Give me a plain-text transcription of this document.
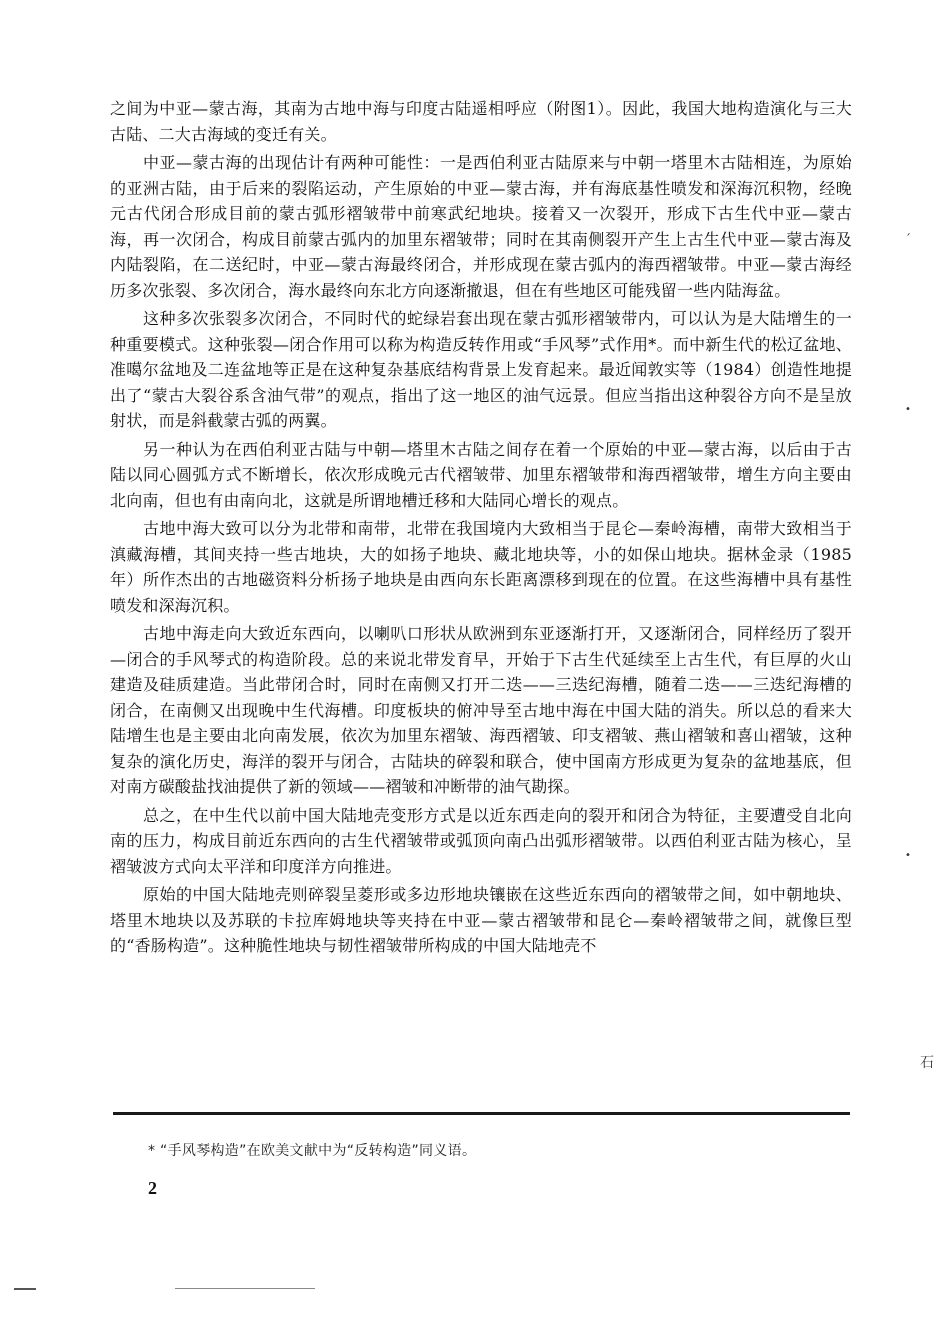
之间为中亚—蒙古海，其南为古地中海与印度古陆遥相呼应（附图1）。因此，我国大地构造演化与三大古陆、二大古海域的变迁有关。

中亚—蒙古海的出现估计有两种可能性：一是西伯利亚古陆原来与中朝一塔里木古陆相连，为原始的亚洲古陆，由于后来的裂陷运动，产生原始的中亚—蒙古海，并有海底基性喷发和深海沉积物，经晚元古代闭合形成目前的蒙古弧形褶皱带中前寒武纪地块。接着又一次裂开，形成下古生代中亚—蒙古海，再一次闭合，构成目前蒙古弧内的加里东褶皱带；同时在其南侧裂开产生上古生代中亚—蒙古海及内陆裂陷，在二送纪时，中亚—蒙古海最终闭合，并形成现在蒙古弧内的海西褶皱带。中亚—蒙古海经历多次张裂、多次闭合，海水最终向东北方向逐渐撤退，但在有些地区可能残留一些内陆海盆。

这种多次张裂多次闭合，不同时代的蛇绿岩套出现在蒙古弧形褶皱带内，可以认为是大陆增生的一种重要模式。这种张裂—闭合作用可以称为构造反转作用或“手风琴”式作用*。而中新生代的松辽盆地、准噶尔盆地及二连盆地等正是在这种复杂基底结构背景上发育起来。最近闻敦实等（1984）创造性地提出了“蒙古大裂谷系含油气带”的观点，指出了这一地区的油气远景。但应当指出这种裂谷方向不是呈放射状，而是斜截蒙古弧的两翼。

另一种认为在西伯利亚古陆与中朝—塔里木古陆之间存在着一个原始的中亚—蒙古海，以后由于古陆以同心圆弧方式不断增长，依次形成晚元古代褶皱带、加里东褶皱带和海西褶皱带，增生方向主要由北向南，但也有由南向北，这就是所谓地槽迁移和大陆同心增长的观点。

古地中海大致可以分为北带和南带，北带在我国境内大致相当于昆仑—秦岭海槽，南带大致相当于滇藏海槽，其间夹持一些古地块，大的如扬子地块、藏北地块等，小的如保山地块。据林金录（1985年）所作杰出的古地磁资料分析扬子地块是由西向东长距离漂移到现在的位置。在这些海槽中具有基性喷发和深海沉积。

古地中海走向大致近东西向，以喇叭口形状从欧洲到东亚逐渐打开，又逐渐闭合，同样经历了裂开—闭合的手风琴式的构造阶段。总的来说北带发育早，开始于下古生代延续至上古生代，有巨厚的火山建造及硅质建造。当此带闭合时，同时在南侧又打开二迭——三迭纪海槽，随着二迭——三迭纪海槽的闭合，在南侧又出现晚中生代海槽。印度板块的俯冲导至古地中海在中国大陆的消失。所以总的看来大陆增生也是主要由北向南发展，依次为加里东褶皱、海西褶皱、印支褶皱、燕山褶皱和喜山褶皱，这种复杂的演化历史，海洋的裂开与闭合，古陆块的碎裂和联合，使中国南方形成更为复杂的盆地基底，但对南方碳酸盐找油提供了新的领域——褶皱和冲断带的油气勘探。

总之，在中生代以前中国大陆地壳变形方式是以近东西走向的裂开和闭合为特征，主要遭受自北向南的压力，构成目前近东西向的古生代褶皱带或弧顶向南凸出弧形褶皱带。以西伯利亚古陆为核心，呈褶皱波方式向太平洋和印度洋方向推进。

原始的中国大陆地壳则碎裂呈菱形或多边形地块镶嵌在这些近东西向的褶皱带之间，如中朝地块、塔里木地块以及苏联的卡拉库姆地块等夹持在中亚—蒙古褶皱带和昆仑—秦岭褶皱带之间，就像巨型的“香肠构造”。这种脆性地块与韧性褶皱带所构成的中国大陆地壳不

* “手风琴构造”在欧美文献中为“反转构造”同义语。
2
石
´
•
•
